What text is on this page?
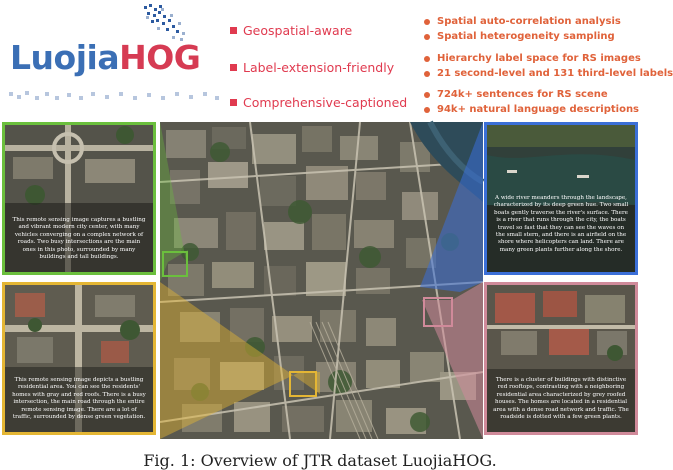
LuojiaHOG
Geospatial-aware
Label-extension-friendly
Comprehensive-captioned
Spatial auto-correlation analysis
Spatial heterogeneity sampling
Hierarchy label space for RS images
21 second-level and 131 third-level labels
724k+ sentences for RS scene
94k+ natural language descriptions
This remote sensing image captures a bustling and vibrant modern city center, with many vehicles converging on a complex network of roads. Two busy intersections are the main ones in this photo, surrounded by many buildings and tall buildings.
This remote sensing image depicts a bustling residential area. You can see the residents' homes with gray and red roofs. There is a busy intersection, the main road through the entire remote sensing image. There are a lot of traffic, surrounded by dense green vegetation.
A wide river meanders through the landscape, characterized by its deep green hue. Two small boats gently traverse the river's surface. There is a river that runs through the city, the boats travel so fast that they can see the waves on the small stern, and there is an airfield on the shore where helicopters can land. There are many green plants further along the shore.
There is a cluster of buildings with distinctive red rooftops, contrasting with a neighboring residential area characterized by grey roofed houses. The homes are located in a residential area with a dense road network and traffic. The roadside is dotted with a few green plants.
Fig. 1: Overview of JTR dataset LuojiaHOG.
